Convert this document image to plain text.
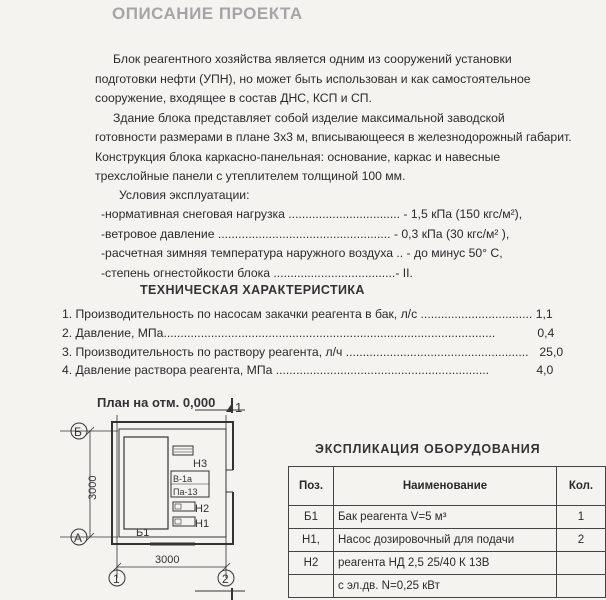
ОПИСАНИЕ ПРОЕКТА
Блок реагентного хозяйства является одним из сооружений установки
подготовки нефти (УПН), но может быть использован и как самостоятельное
сооружение, входящее в состав ДНС, КСП и СП.
Здание блока представляет собой изделие максимальной заводской
готовности размерами в плане 3х3 м, вписывающееся в железнодорожный габарит.
Конструкция блока каркасно-панельная: основание, каркас и навесные
трехслойные панели с утеплителем толщиной 100 мм.
Условия эксплуатации:
-нормативная снеговая нагрузка ................................. - 1,5 кПа (150 кгс/м²),
-ветровое давление ................................................... - 0,3 кПа (30 кгс/м² ),
-расчетная зимняя температура наружного воздуха .. - до минус 50° С,
-степень огнестойкости блока ....................................- II.
ТЕХНИЧЕСКАЯ ХАРАКТЕРИСТИКА
1. Производительность по насосам закачки реагента в бак, л/с ................................. 1,1
2. Давление, МПа..................................................................................................	0,4
3. Производительность по раствору реагента, л/ч ...................................................... 25,0
4. Давление раствора реагента, МПа ...............................................................	4,0
План на отм. 0,000 1
Б
А
1	2
3000
3000
Н3
В-1а
Па-13
Н2
Н1
Б1
ЭКСПЛИКАЦИЯ ОБОРУДОВАНИЯ
Поз.	Наименование	Кол.
Б1	Бак реагента V=5 м³	1
Н1,	Насос дозировочный для подачи	2
Н2	реагента НД 2,5 25/40 К 13В	
	с эл.дв. N=0,25 кВт	
